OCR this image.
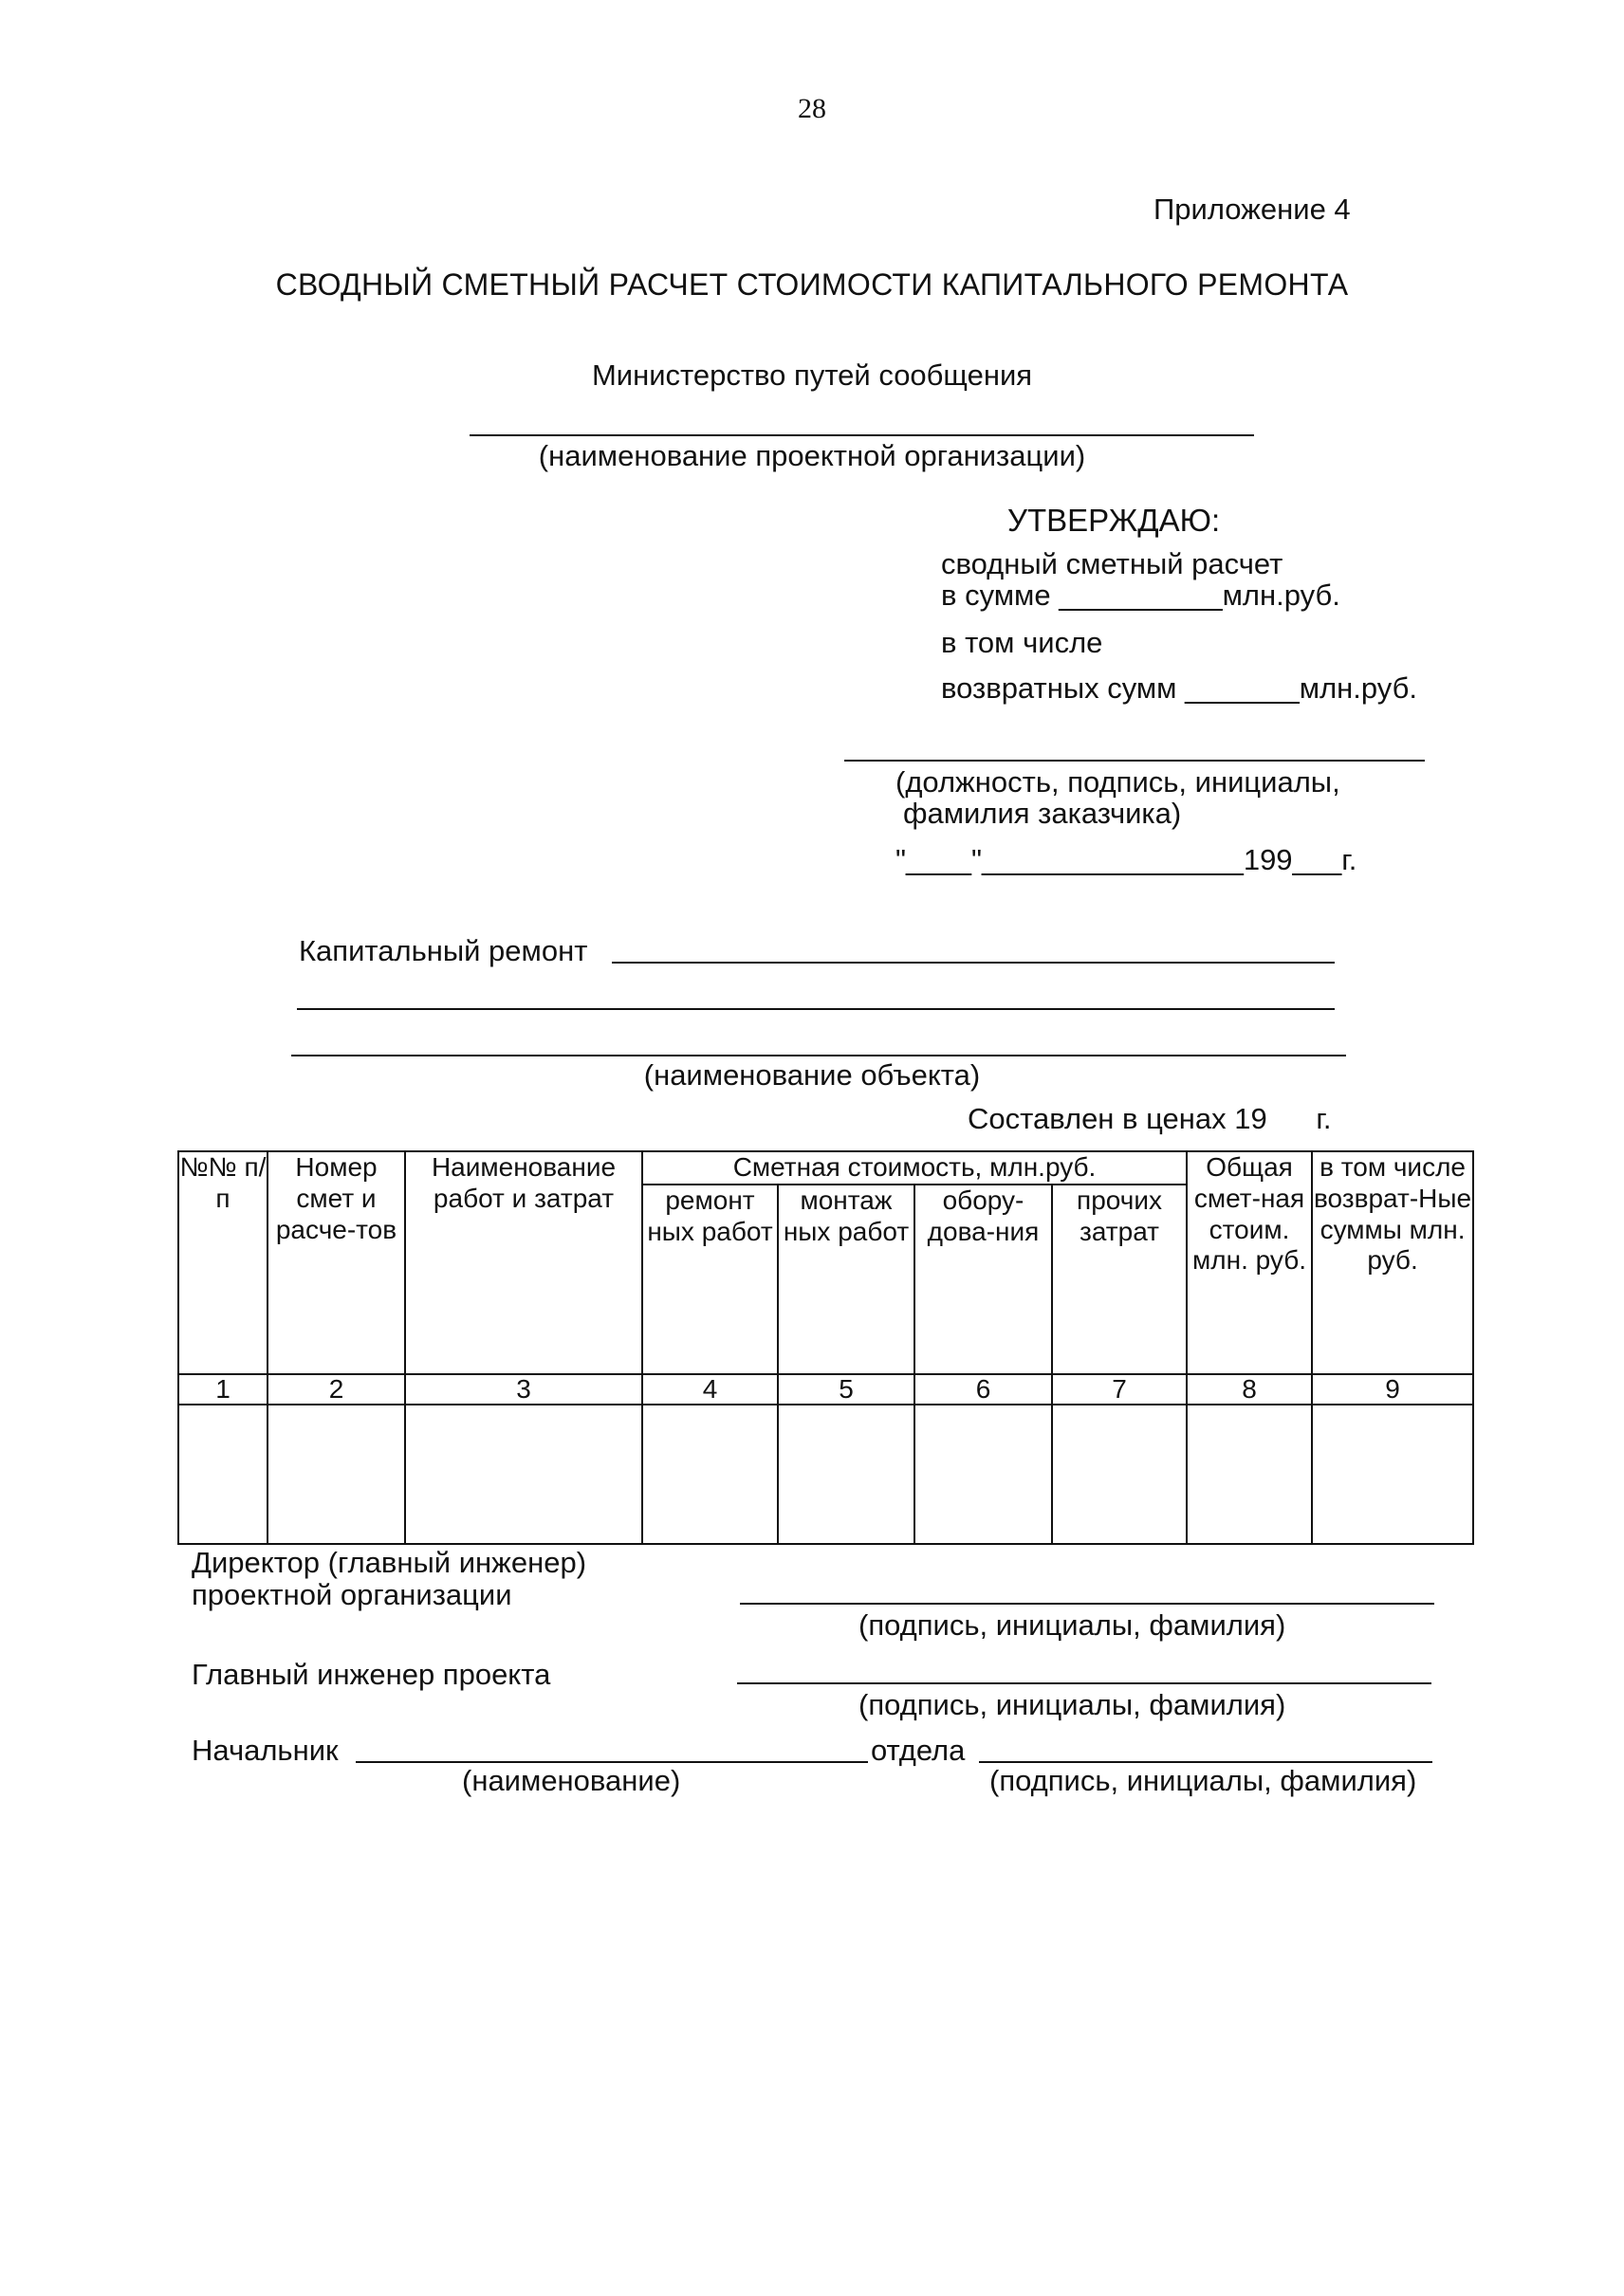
28
Приложение 4
СВОДНЫЙ СМЕТНЫЙ РАСЧЕТ СТОИМОСТИ КАПИТАЛЬНОГО РЕМОНТА
Министерство путей сообщения
(наименование проектной организации)
УТВЕРЖДАЮ:
сводный сметный расчет
в сумме __________млн.руб.
в том числе
возвратных сумм _______млн.руб.
(должность, подпись, инициалы,
фамилия заказчика)
"____"________________199___г.
Капитальный ремонт
(наименование объекта)
Составлен в ценах 19      г.
№№ п/п	Номер смет и расче-тов	Наименование работ и затрат	Сметная стоимость, млн.руб.				Общая смет-ная стоим. млн. руб.	в том числе возврат-Ные суммы млн. руб.
			ремонт ных работ	монтаж ных работ	обору-дова-ния	прочих затрат		
1	2	3	4	5	6	7	8	9

Директор (главный инженер)
проектной организации
(подпись, инициалы, фамилия)
Главный инженер проекта
(подпись, инициалы, фамилия)
Начальник	отдела
(наименование)	(подпись, инициалы, фамилия)
